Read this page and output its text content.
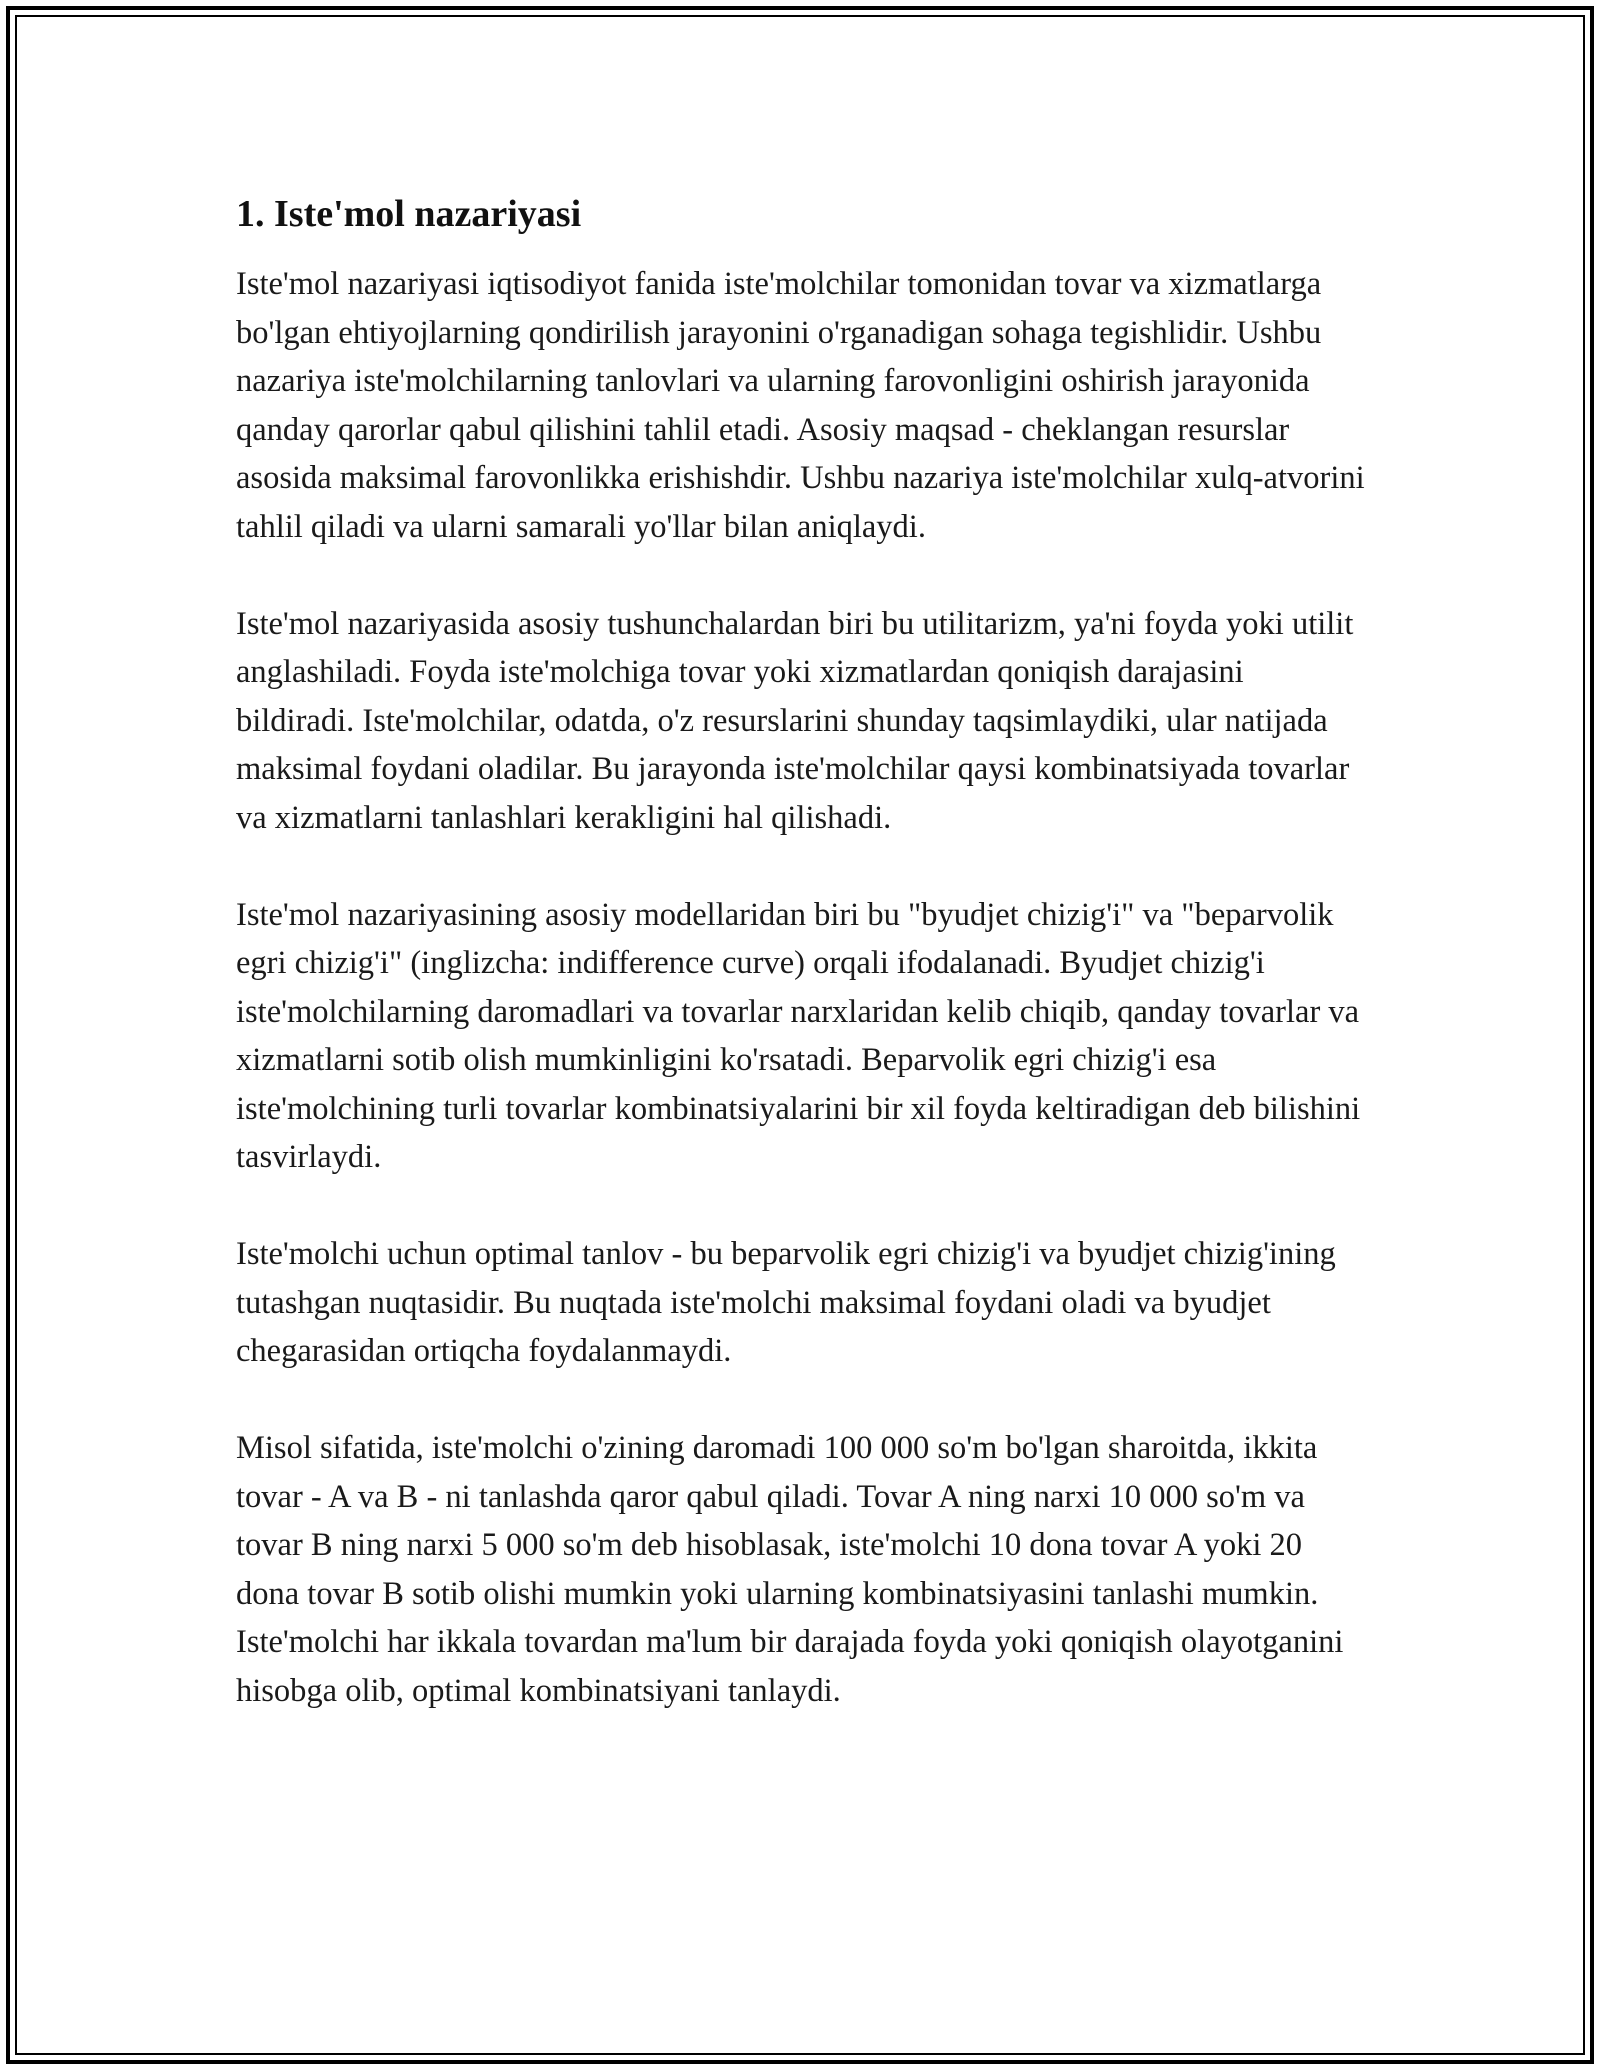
1. Iste'mol nazariyasi

Iste'mol nazariyasi iqtisodiyot fanida iste'molchilar tomonidan tovar va xizmatlarga bo'lgan ehtiyojlarning qondirilish jarayonini o'rganadigan sohaga tegishlidir. Ushbu nazariya iste'molchilarning tanlovlari va ularning farovonligini oshirish jarayonida qanday qarorlar qabul qilishini tahlil etadi. Asosiy maqsad - cheklangan resurslar asosida maksimal farovonlikka erishishdir. Ushbu nazariya iste'molchilar xulq-atvorini tahlil qiladi va ularni samarali yo'llar bilan aniqlaydi.

Iste'mol nazariyasida asosiy tushunchalardan biri bu utilitarizm, ya'ni foyda yoki utilit anglashiladi. Foyda iste'molchiga tovar yoki xizmatlardan qoniqish darajasini bildiradi. Iste'molchilar, odatda, o'z resurslarini shunday taqsimlaydiki, ular natijada maksimal foydani oladilar. Bu jarayonda iste'molchilar qaysi kombinatsiyada tovarlar va xizmatlarni tanlashlari kerakligini hal qilishadi.

Iste'mol nazariyasining asosiy modellaridan biri bu "byudjet chizig'i" va "beparvolik egri chizig'i" (inglizcha: indifference curve) orqali ifodalanadi. Byudjet chizig'i iste'molchilarning daromadlari va tovarlar narxlaridan kelib chiqib, qanday tovarlar va xizmatlarni sotib olish mumkinligini ko'rsatadi. Beparvolik egri chizig'i esa iste'molchining turli tovarlar kombinatsiyalarini bir xil foyda keltiradigan deb bilishini tasvirlaydi.

Iste'molchi uchun optimal tanlov - bu beparvolik egri chizig'i va byudjet chizig'ining tutashgan nuqtasidir. Bu nuqtada iste'molchi maksimal foydani oladi va byudjet chegarasidan ortiqcha foydalanmaydi.

Misol sifatida, iste'molchi o'zining daromadi 100 000 so'm bo'lgan sharoitda, ikkita tovar - A va B - ni tanlashda qaror qabul qiladi. Tovar A ning narxi 10 000 so'm va tovar B ning narxi 5 000 so'm deb hisoblasak, iste'molchi 10 dona tovar A yoki 20 dona tovar B sotib olishi mumkin yoki ularning kombinatsiyasini tanlashi mumkin. Iste'molchi har ikkala tovardan ma'lum bir darajada foyda yoki qoniqish olayotganini hisobga olib, optimal kombinatsiyani tanlaydi.
